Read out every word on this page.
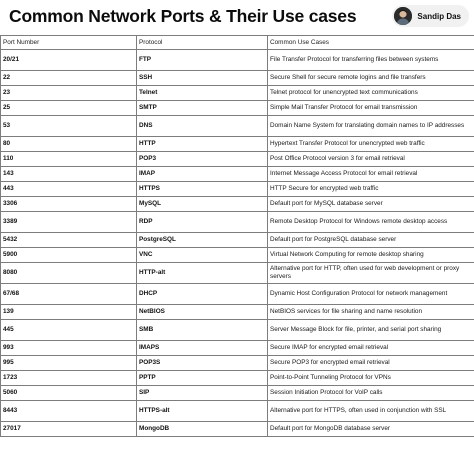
Common Network Ports & Their Use cases	Sandip Das
Port Number	Protocol	Common Use Cases
20/21	FTP	File Transfer Protocol for transferring files between systems
22	SSH	Secure Shell for secure remote logins and file transfers
23	Telnet	Telnet protocol for unencrypted text communications
25	SMTP	Simple Mail Transfer Protocol for email transmission
53	DNS	Domain Name System for translating domain names to IP addresses
80	HTTP	Hypertext Transfer Protocol for unencrypted web traffic
110	POP3	Post Office Protocol version 3 for email retrieval
143	IMAP	Internet Message Access Protocol for email retrieval
443	HTTPS	HTTP Secure for encrypted web traffic
3306	MySQL	Default port for MySQL database server
3389	RDP	Remote Desktop Protocol for Windows remote desktop access
5432	PostgreSQL	Default port for PostgreSQL database server
5900	VNC	Virtual Network Computing for remote desktop sharing
8080	HTTP-alt	Alternative port for HTTP, often used for web development or proxy servers
67/68	DHCP	Dynamic Host Configuration Protocol for network management
139	NetBIOS	NetBIOS services for file sharing and name resolution
445	SMB	Server Message Block for file, printer, and serial port sharing
993	IMAPS	Secure IMAP for encrypted email retrieval
995	POP3S	Secure POP3 for encrypted email retrieval
1723	PPTP	Point-to-Point Tunneling Protocol for VPNs
5060	SIP	Session Initiation Protocol for VoIP calls
8443	HTTPS-alt	Alternative port for HTTPS, often used in conjunction with SSL
27017	MongoDB	Default port for MongoDB database server
